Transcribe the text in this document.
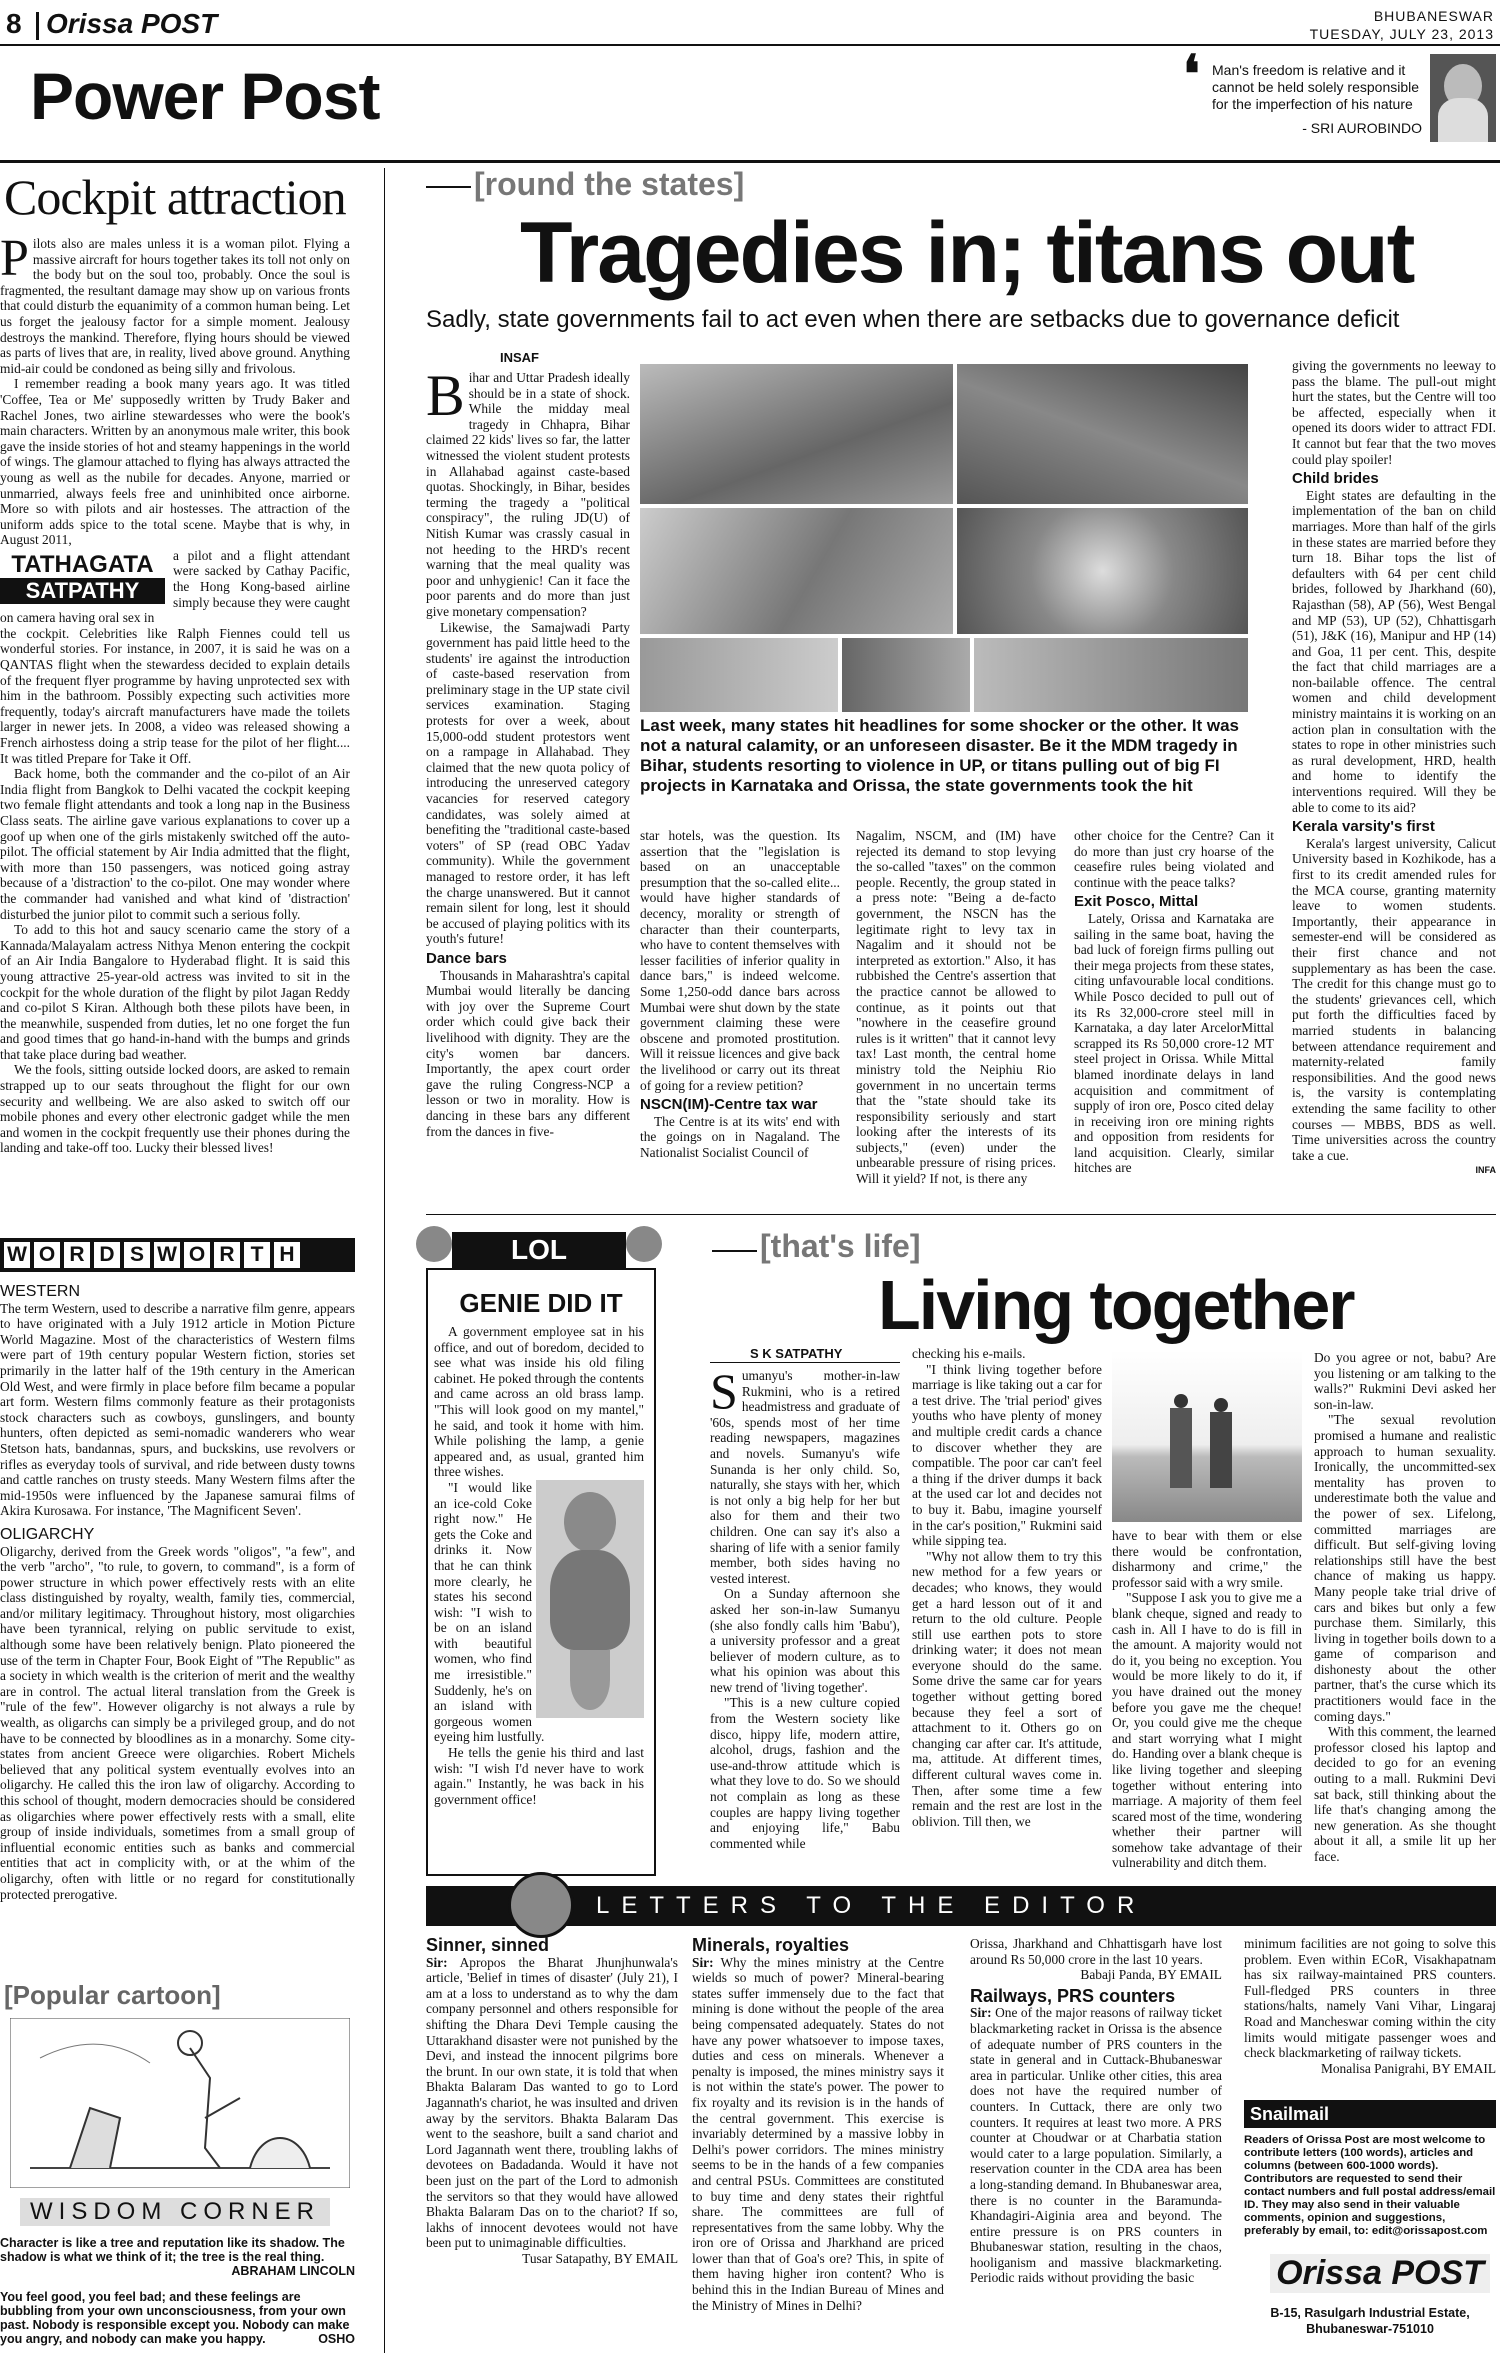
8 Orissa POST
Power Post
BHUBANESWAR
TUESDAY, JULY 23, 2013
❛ Man's freedom is relative and it cannot be held solely responsible for the imperfection of his nature
- SRI AUROBINDO
Cockpit attraction

Pilots also are males unless it is a woman pilot. Flying a massive aircraft for hours together takes its toll not only on the body but on the soul too, probably. Once the soul is fragmented, the resultant damage may show up on various fronts that could disturb the equanimity of a common human being. Let us forget the jealousy factor for a simple moment. Jealousy destroys the mankind. Therefore, flying hours should be viewed as parts of lives that are, in reality, lived above ground. Anything mid-air could be condoned as being silly and frivolous.

I remember reading a book many years ago. It was titled 'Coffee, Tea or Me' supposedly written by Trudy Baker and Rachel Jones, two airline stewardesses who were the book's main characters. Written by an anonymous male writer, this book gave the inside stories of hot and steamy happenings in the world of wings. The glamour attached to flying has always attracted the young as well as the nubile for decades. Anyone, married or unmarried, always feels free and uninhibited once airborne. More so with pilots and air hostesses. The attraction of the uniform adds spice to the total scene. Maybe that is why, in August 2011,

TATHAGATA
SATPATHY

a pilot and a flight attendant were sacked by Cathay Pacific, the Hong Kong-based airline simply because they were caught on camera having oral sex in

the cockpit. Celebrities like Ralph Fiennes could tell us wonderful stories. For instance, in 2007, it is said he was on a QANTAS flight when the stewardess decided to explain details of the frequent flyer programme by having unprotected sex with him in the bathroom. Possibly expecting such activities more frequently, today's aircraft manufacturers have made the toilets larger in newer jets. In 2008, a video was released showing a French airhostess doing a strip tease for the pilot of her flight.... It was titled Prepare for Take it Off.

Back home, both the commander and the co-pilot of an Air India flight from Bangkok to Delhi vacated the cockpit keeping two female flight attendants and took a long nap in the Business Class seats. The airline gave various explanations to cover up a goof up when one of the girls mistakenly switched off the auto-pilot. The official statement by Air India admitted that the flight, with more than 150 passengers, was noticed going astray because of a 'distraction' to the co-pilot. One may wonder where the commander had vanished and what kind of 'distraction' disturbed the junior pilot to commit such a serious folly.

To add to this hot and saucy scenario came the story of a Kannada/Malayalam actress Nithya Menon entering the cockpit of an Air India Bangalore to Hyderabad flight. It is said this young attractive 25-year-old actress was invited to sit in the cockpit for the whole duration of the flight by pilot Jagan Reddy and co-pilot S Kiran. Although both these pilots have been, in the meanwhile, suspended from duties, let no one forget the fun and good times that go hand-in-hand with the bumps and grinds that take place during bad weather.

We the fools, sitting outside locked doors, are asked to remain strapped up to our seats throughout the flight for our own security and wellbeing. We are also asked to switch off our mobile phones and every other electronic gadget while the men and women in the cockpit frequently use their phones during the landing and take-off too. Lucky their blessed lives!

W O R D S W O R T H
WESTERN

The term Western, used to describe a narrative film genre, appears to have originated with a July 1912 article in Motion Picture World Magazine. Most of the characteristics of Western films were part of 19th century popular Western fiction, stories set primarily in the latter half of the 19th century in the American Old West, and were firmly in place before film became a popular art form. Western films commonly feature as their protagonists stock characters such as cowboys, gunslingers, and bounty hunters, often depicted as semi-nomadic wanderers who wear Stetson hats, bandannas, spurs, and buckskins, use revolvers or rifles as everyday tools of survival, and ride between dusty towns and cattle ranches on trusty steeds. Many Western films after the mid-1950s were influenced by the Japanese samurai films of Akira Kurosawa. For instance, 'The Magnificent Seven'.

OLIGARCHY

Oligarchy, derived from the Greek words "oligos", "a few", and the verb "archo", "to rule, to govern, to command", is a form of power structure in which power effectively rests with an elite class distinguished by royalty, wealth, family ties, commercial, and/or military legitimacy. Throughout history, most oligarchies have been tyrannical, relying on public servitude to exist, although some have been relatively benign. Plato pioneered the use of the term in Chapter Four, Book Eight of "The Republic" as a society in which wealth is the criterion of merit and the wealthy are in control. The actual literal translation from the Greek is "rule of the few". However oligarchy is not always a rule by wealth, as oligarchs can simply be a privileged group, and do not have to be connected by bloodlines as in a monarchy. Some city-states from ancient Greece were oligarchies. Robert Michels believed that any political system eventually evolves into an oligarchy. He called this the iron law of oligarchy. According to this school of thought, modern democracies should be considered as oligarchies where power effectively rests with a small, elite group of inside individuals, sometimes from a small group of influential economic entities such as banks and commercial entities that act in complicity with, or at the whim of the oligarchy, often with little or no regard for constitutionally protected prerogative.

[Popular cartoon]
WISDOM CORNER
Character is like a tree and reputation like its shadow. The shadow is what we think of it; the tree is the real thing.
ABRAHAM LINCOLN
You feel good, you feel bad; and these feelings are bubbling from your own unconsciousness, from your own past. Nobody is responsible except you. Nobody can make you angry, and nobody can make you happy.	OSHO
[round the states]
Tragedies in; titans out
Sadly, state governments fail to act even when there are setbacks due to governance deficit
INSAF

Bihar and Uttar Pradesh ideally should be in a state of shock. While the midday meal tragedy in Chhapra, Bihar claimed 22 kids' lives so far, the latter witnessed the violent student protests in Allahabad against caste-based quotas. Shockingly, in Bihar, besides terming the tragedy a "political conspiracy", the ruling JD(U) of Nitish Kumar was crassly casual in not heeding to the HRD's recent warning that the meal quality was poor and unhygienic! Can it face the poor parents and do more than just give monetary compensation?

Likewise, the Samajwadi Party government has paid little heed to the students' ire against the introduction of caste-based reservation from preliminary stage in the UP state civil services examination. Staging protests for over a week, about 15,000-odd student protestors went on a rampage in Allahabad. They claimed that the new quota policy of introducing the unreserved category vacancies for reserved category candidates, was solely aimed at benefiting the "traditional caste-based voters" of SP (read OBC Yadav community). While the government managed to restore order, it has left the charge unanswered. But it cannot remain silent for long, lest it should be accused of playing politics with its youth's future!

Dance bars

Thousands in Maharashtra's capital Mumbai would literally be dancing with joy over the Supreme Court order which could give back their livelihood with dignity. They are the city's women bar dancers. Importantly, the apex court order gave the ruling Congress-NCP a lesson or two in morality. How is dancing in these bars any different from the dances in five-

Last week, many states hit headlines for some shocker or the other. It was not a natural calamity, or an unforeseen disaster. Be it the MDM tragedy in Bihar, students resorting to violence in UP, or titans pulling out of big FI projects in Karnataka and Orissa, the state governments took the hit

star hotels, was the question. Its assertion that the "legislation is based on an unacceptable presumption that the so-called elite... would have higher standards of decency, morality or strength of character than their counterparts, who have to content themselves with lesser facilities of inferior quality in dance bars," is indeed welcome. Some 1,250-odd dance bars across Mumbai were shut down by the state government claiming these were obscene and promoted prostitution. Will it reissue licences and give back the livelihood or carry out its threat of going for a review petition?

NSCN(IM)-Centre tax war

The Centre is at its wits' end with the goings on in Nagaland. The Nationalist Socialist Council of

Nagalim, NSCM, and (IM) have rejected its demand to stop levying the so-called "taxes" on the common people. Recently, the group stated in a press note: "Being a de-facto government, the NSCN has the legitimate right to levy tax in Nagalim and it should not be interpreted as extortion." Also, it has rubbished the Centre's assertion that the practice cannot be allowed to continue, as it points out that "nowhere in the ceasefire ground rules is it written" that it cannot levy tax! Last month, the central home ministry told the Neiphiu Rio government in no uncertain terms that the "state should take its responsibility seriously and start looking after the interests of its subjects," (even) under the unbearable pressure of rising prices. Will it yield? If not, is there any

other choice for the Centre? Can it do more than just cry hoarse of the ceasefire rules being violated and continue with the peace talks?

Exit Posco, Mittal

Lately, Orissa and Karnataka are sailing in the same boat, having the bad luck of foreign firms pulling out their mega projects from these states, citing unfavourable local conditions. While Posco decided to pull out of its Rs 32,000-crore steel mill in Karnataka, a day later ArcelorMittal scrapped its Rs 50,000 crore-12 MT steel project in Orissa. While Mittal blamed inordinate delays in land acquisition and commitment of supply of iron ore, Posco cited delay in receiving iron ore mining rights and opposition from residents for land acquisition. Clearly, similar hitches are

giving the governments no leeway to pass the blame. The pull-out might hurt the states, but the Centre will too be affected, especially when it opened its doors wider to attract FDI. It cannot but fear that the two moves could play spoiler!

Child brides

Eight states are defaulting in the implementation of the ban on child marriages. More than half of the girls in these states are married before they turn 18. Bihar tops the list of defaulters with 64 per cent child brides, followed by Jharkhand (60), Rajasthan (58), AP (56), West Bengal and MP (53), UP (52), Chhattisgarh (51), J&K (16), Manipur and HP (14) and Goa, 11 per cent. This, despite the fact that child marriages are a non-bailable offence. The central women and child development ministry maintains it is working on an action plan in consultation with the states to rope in other ministries such as rural development, HRD, health and home to identify the interventions required. Will they be able to come to its aid?

Kerala varsity's first

Kerala's largest university, Calicut University based in Kozhikode, has a first to its credit amended rules for the MCA course, granting maternity leave to women students. Importantly, their appearance in semester-end will be considered as their first chance and not supplementary as has been the case. The credit for this change must go to the students' grievances cell, which put forth the difficulties faced by married students in balancing between attendance requirement and maternity-related family responsibilities. And the good news is, the varsity is contemplating extending the same facility to other courses — MBBS, BDS as well. Time universities across the country take a cue.

INFA
LOL
GENIE DID IT

A government employee sat in his office, and out of boredom, decided to see what was inside his old filing cabinet. He poked through the contents and came across an old brass lamp. "This will look good on my mantel," he said, and took it home with him. While polishing the lamp, a genie appeared and, as usual, granted him three wishes.

"I would like an ice-cold Coke right now." He gets the Coke and drinks it. Now that he can think more clearly, he states his second wish: "I wish to be on an island with beautiful women, who find me irresistible." Suddenly, he's on an island with gorgeous women eyeing him lustfully.

He tells the genie his third and last wish: "I wish I'd never have to work again." Instantly, he was back in his government office!

[that's life]
Living together
S K SATPATHY

Sumanyu's mother-in-law Rukmini, who is a retired headmistress and graduate of '60s, spends most of her time reading newspapers, magazines and novels. Sumanyu's wife Sunanda is her only child. So, naturally, she stays with her, which is not only a big help for her but also for them and their two children. One can say it's also a sharing of life with a senior family member, both sides having no vested interest.

On a Sunday afternoon she asked her son-in-law Sumanyu (she also fondly calls him 'Babu'), a university professor and a great believer of modern culture, as to what his opinion was about this new trend of 'living together'.

"This is a new culture copied from the Western society like disco, hippy life, modern attire, alcohol, drugs, fashion and the use-and-throw attitude which is what they love to do. So we should not complain as long as these couples are happy living together and enjoying life," Babu commented while

checking his e-mails.

"I think living together before marriage is like taking out a car for a test drive. The 'trial period' gives youths who have plenty of money and multiple credit cards a chance to discover whether they are compatible. The poor car can't feel a thing if the driver dumps it back at the used car lot and decides not to buy it. Babu, imagine yourself in the car's position," Rukmini said while sipping tea.

"Why not allow them to try this new method for a few years or decades; who knows, they would get a hard lesson out of it and return to the old culture. People still use earthen pots to store drinking water; it does not mean everyone should do the same. Some drive the same car for years together without getting bored because they feel a sort of attachment to it. Others go on changing car after car. It's attitude, ma, attitude. At different times, different cultural waves come in. Then, after some time a few remain and the rest are lost in the oblivion. Till then, we

have to bear with them or else there would be confrontation, disharmony and crime," the professor said with a wry smile.

"Suppose I ask you to give me a blank cheque, signed and ready to cash in. All I have to do is fill in the amount. A majority would not do it, you being no exception. You would be more likely to do it, if you have drained out the money before you gave me the cheque! Or, you could give me the cheque and start worrying what I might do. Handing over a blank cheque is like living together and sleeping together without entering into marriage. A majority of them feel scared most of the time, wondering whether their partner will somehow take advantage of their vulnerability and ditch them.

Do you agree or not, babu? Are you listening or am talking to the walls?" Rukmini Devi asked her son-in-law.

"The sexual revolution promised a humane and realistic approach to human sexuality. Ironically, the uncommitted-sex mentality has proven to underestimate both the value and the power of sex. Lifelong, committed marriages are difficult. But self-giving loving relationships still have the best chance of making us happy. Many people take trial drive of cars and bikes but only a few purchase them. Similarly, this living in together boils down to a game of comparison and dishonesty about the other partner, that's the curse which its practitioners would face in the coming days."

With this comment, the learned professor closed his laptop and decided to go for an evening outing to a mall. Rukmini Devi sat back, still thinking about the life that's changing among the new generation. As she thought about it all, a smile lit up her face.

LETTERS TO THE EDITOR
Sinner, sinned

Sir: Apropos the Bharat Jhunjhunwala's article, 'Belief in times of disaster' (July 21), I am at a loss to understand as to why the dam company personnel and others responsible for shifting the Dhara Devi Temple causing the Uttarakhand disaster were not punished by the Devi, and instead the innocent pilgrims bore the brunt. In our own state, it is told that when Bhakta Balaram Das wanted to go to Lord Jagannath's chariot, he was insulted and driven away by the servitors. Bhakta Balaram Das went to the seashore, built a sand chariot and Lord Jagannath went there, troubling lakhs of devotees on Badadanda. Would it have not been just on the part of the Lord to admonish the servitors so that they would have allowed Bhakta Balaram Das on to the chariot? If so, lakhs of innocent devotees would not have been put to unimaginable difficulties.

Tusar Satapathy, BY EMAIL
Minerals, royalties

Sir: Why the mines ministry at the Centre wields so much of power? Mineral-bearing states suffer immensely due to the fact that mining is done without the people of the area being compensated adequately. States do not have any power whatsoever to impose taxes, duties and cess on minerals. Whenever a penalty is imposed, the mines ministry says it is not within the state's power. The power to fix royalty and its revision is in the hands of the central government. This exercise is invariably determined by a massive lobby in Delhi's power corridors. The mines ministry seems to be in the hands of a few companies and central PSUs. Committees are constituted to buy time and deny states their rightful share. The committees are full of representatives from the same lobby. Why the iron ore of Orissa and Jharkhand are priced lower than that of Goa's ore? This, in spite of them having higher iron content? Who is behind this in the Indian Bureau of Mines and the Ministry of Mines in Delhi?

Orissa, Jharkhand and Chhattisgarh have lost around Rs 50,000 crore in the last 10 years.

Babaji Panda, BY EMAIL
Railways, PRS counters

Sir: One of the major reasons of railway ticket blackmarketing racket in Orissa is the absence of adequate number of PRS counters in the state in general and in Cuttack-Bhubaneswar area in particular. Unlike other cities, this area does not have the required number of counters. In Cuttack, there are only two counters. It requires at least two more. A PRS counter at Choudwar or at Charbatia station would cater to a large population. Similarly, a reservation counter in the CDA area has been a long-standing demand. In Bhubaneswar area, there is no counter in the Baramunda-Khandagiri-Aiginia area and beyond. The entire pressure is on PRS counters in Bhubaneswar station, resulting in the chaos, hooliganism and massive blackmarketing. Periodic raids without providing the basic

minimum facilities are not going to solve this problem. Even within ECoR, Visakhapatnam has six railway-maintained PRS counters. Full-fledged PRS counters in three stations/halts, namely Vani Vihar, Lingaraj Road and Mancheswar coming within the city limits would mitigate passenger woes and check blackmarketing of railway tickets.

Monalisa Panigrahi, BY EMAIL
Snailmail
Readers of Orissa Post are most welcome to contribute letters (100 words), articles and columns (between 600-1000 words). Contributors are requested to send their contact numbers and full postal address/email ID. They may also send in their valuable comments, opinion and suggestions, preferably by email, to: edit@orissapost.com
Orissa POST
B-15, Rasulgarh Industrial Estate,
Bhubaneswar-751010
